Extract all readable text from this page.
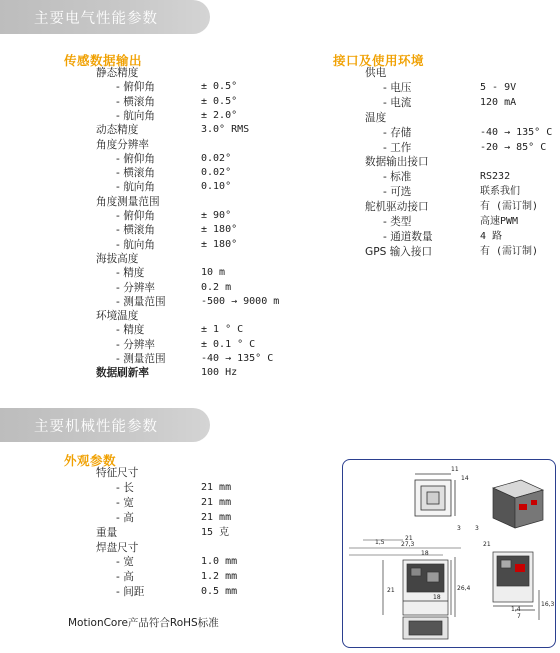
主要电气性能参数
传感数据输出
静态精度
- 俯仰角	± 0.5°
- 横滚角	± 0.5°
- 航向角	± 2.0°
动态精度	3.0° RMS
角度分辨率
- 俯仰角	0.02°
- 横滚角	0.02°
- 航向角	0.10°
角度测量范围
- 俯仰角	± 90°
- 横滚角	± 180°
- 航向角	± 180°
海拔高度
- 精度	10 m
- 分辨率	0.2 m
- 测量范围	-500 → 9000 m
环境温度
- 精度	± 1 ° C
- 分辨率	± 0.1 ° C
- 测量范围	-40 → 135° C
数据刷新率	100 Hz
接口及使用环境
供电
- 电压	5 - 9V
- 电流	120 mA
温度
- 存储	-40 → 135° C
- 工作	-20 → 85° C
数据输出接口
- 标准	RS232
- 可选	联系我们
舵机驱动接口	有 (需订制)
- 类型	高速PWM
- 通道数量	4 路
GPS 输入接口	有 (需订制)
主要机械性能参数
外观参数
特征尺寸
- 长	21 mm
- 宽	21 mm
- 高	21 mm
重量	15 克
焊盘尺寸
- 宽	1.0 mm
- 高	1.2 mm
- 间距	0.5 mm
MotionCore产品符合RoHS标准
11
14
21
27,3
18
18
26,4
21
1,5
1,4
16,3
3 3
21
7
